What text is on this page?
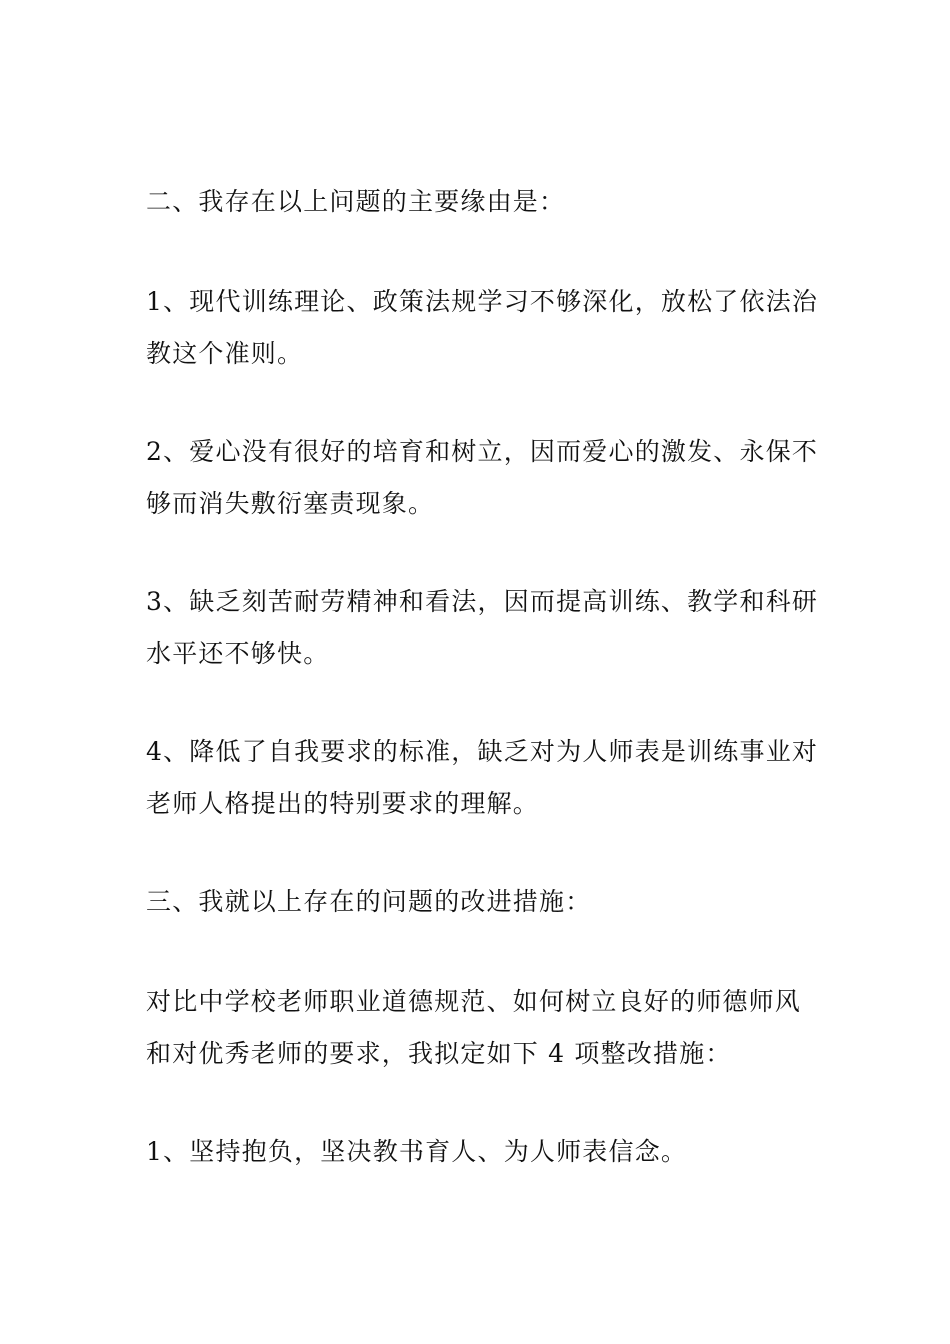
二、我存在以上问题的主要缘由是：
1、现代训练理论、政策法规学习不够深化，放松了依法治
教这个准则。
2、爱心没有很好的培育和树立，因而爱心的激发、永保不
够而消失敷衍塞责现象。
3、缺乏刻苦耐劳精神和看法，因而提高训练、教学和科研
水平还不够快。
4、降低了自我要求的标准，缺乏对为人师表是训练事业对
老师人格提出的特别要求的理解。
三、我就以上存在的问题的改进措施：
对比中学校老师职业道德规范、如何树立良好的师德师风
和对优秀老师的要求，我拟定如下 4 项整改措施：
1、坚持抱负，坚决教书育人、为人师表信念。
